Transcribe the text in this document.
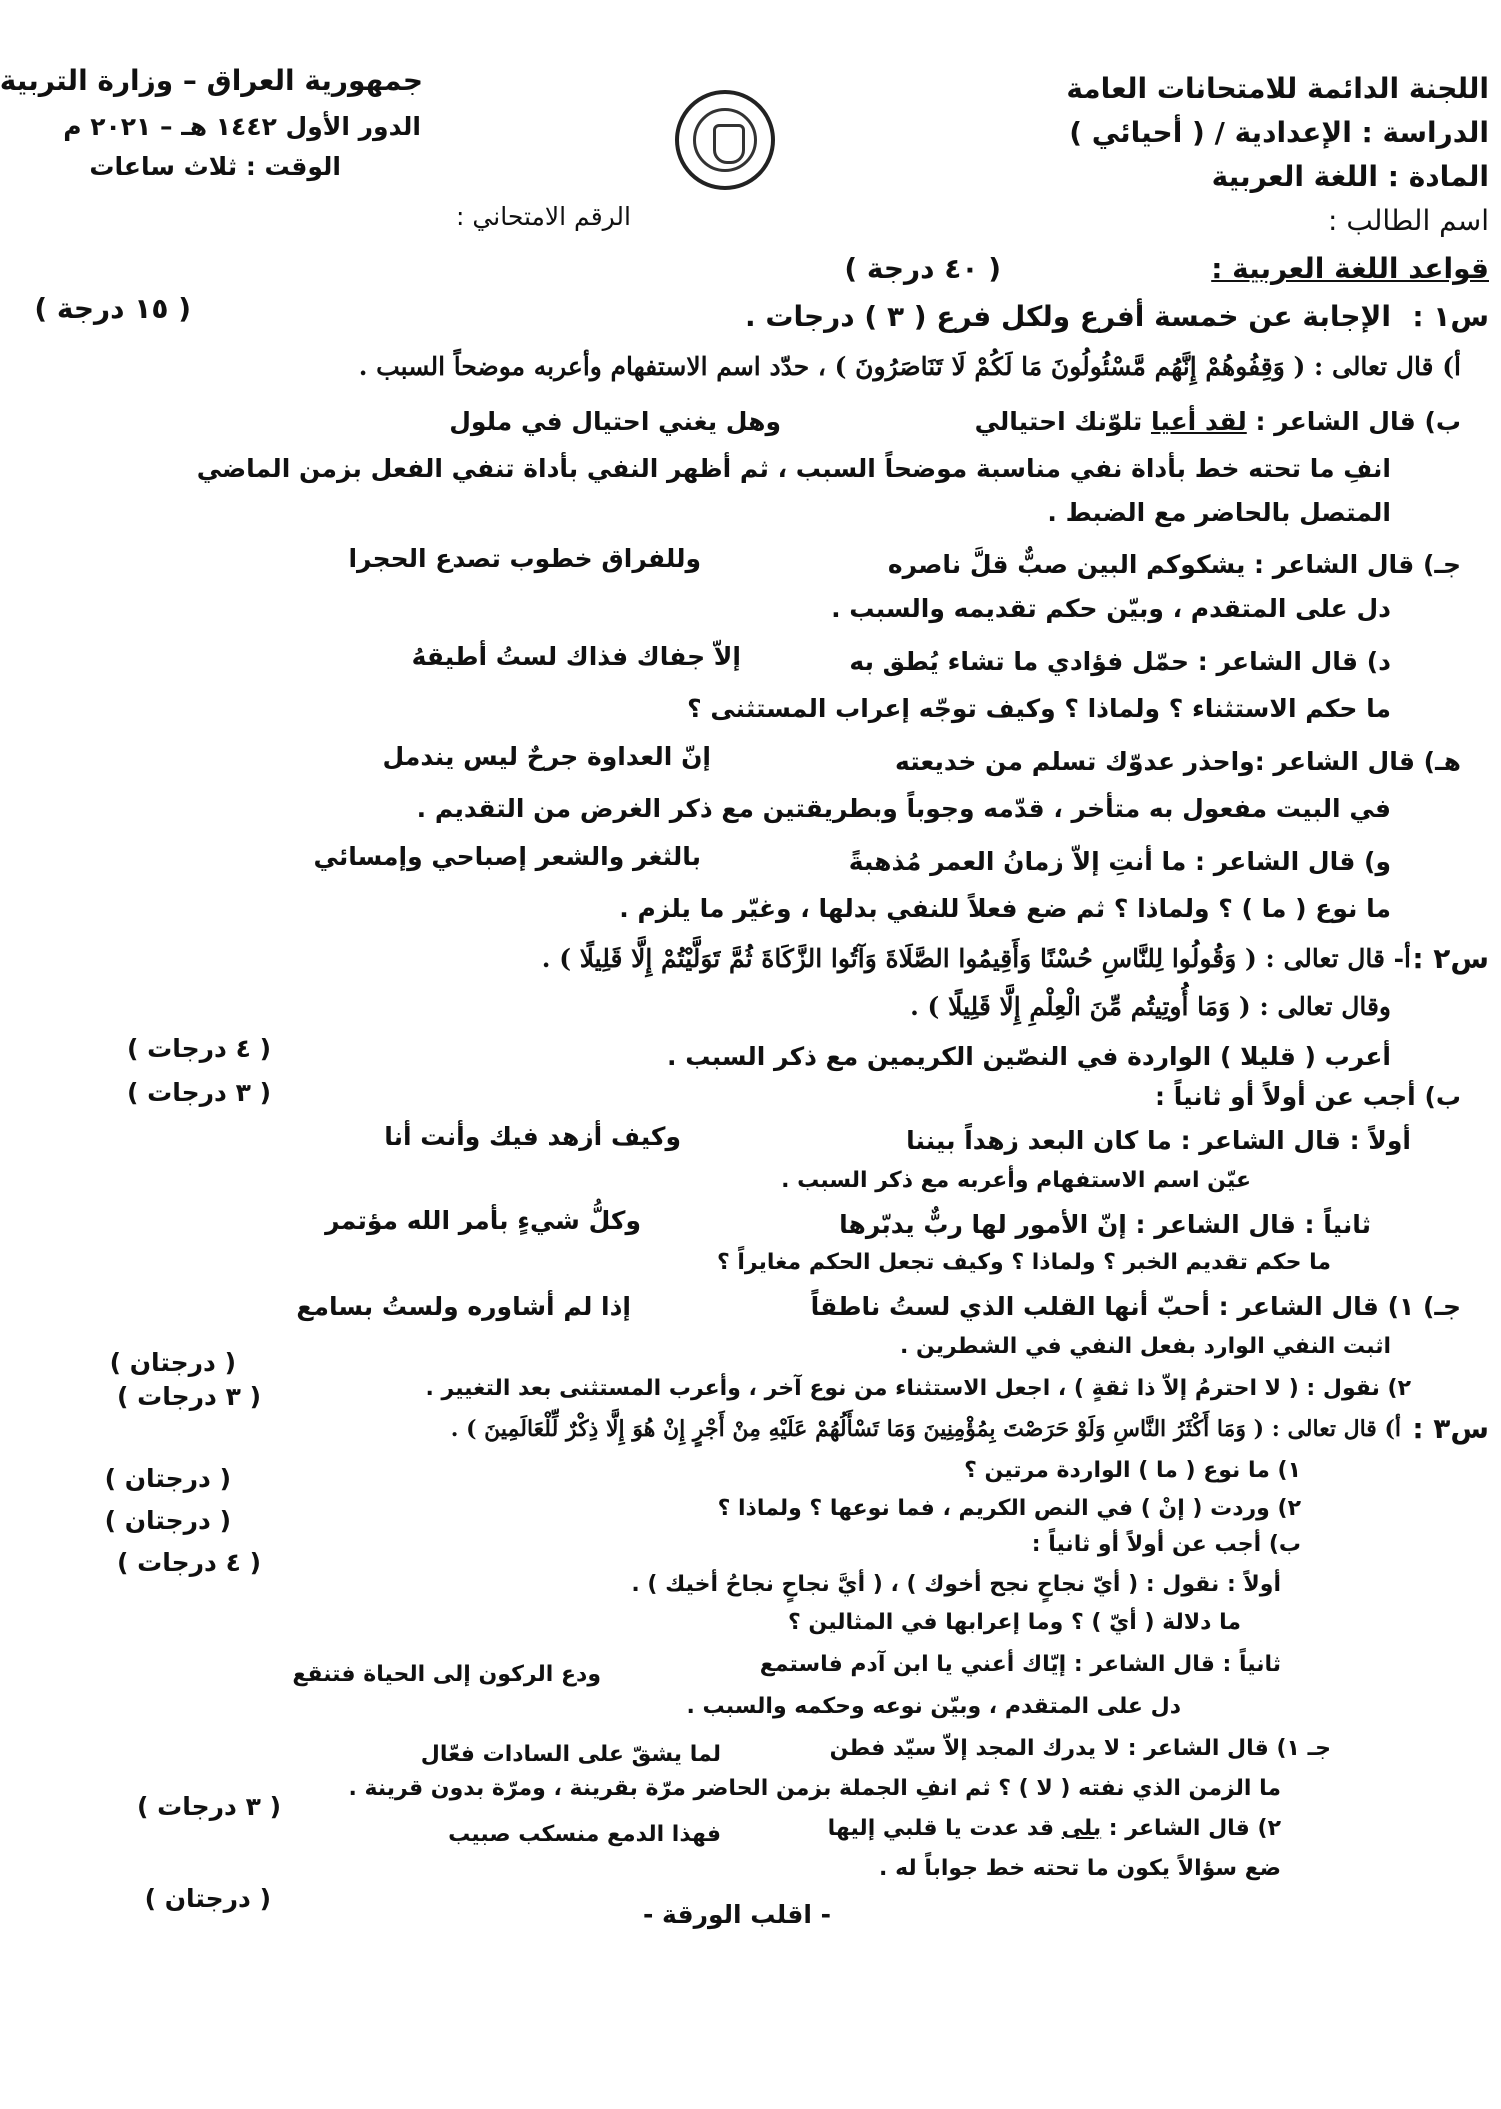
اللجنة الدائمة للامتحانات العامة
الدراسة : الإعدادية / ( أحيائي )
المادة : اللغة العربية
اسم الطالب :
جمهورية العراق – وزارة التربية
الدور الأول ١٤٤٢ هـ – ٢٠٢١ م
الوقت : ثلاث ساعات
الرقم الامتحاني :
قواعد اللغة العربية :
( ٤٠ درجة )
س١ :
الإجابة عن خمسة أفرع ولكل فرع ( ٣ ) درجات .
( ١٥ درجة )
أ) قال تعالى : ( وَقِفُوهُمْ إِنَّهُم مَّسْئُولُونَ مَا لَكُمْ لَا تَنَاصَرُونَ ) ، حدّد اسم الاستفهام وأعربه موضحاً السبب .
ب) قال الشاعر : لقد أعيا تلوّنك احتيالي
وهل يغني احتيال في ملول
انفِ ما تحته خط بأداة نفي مناسبة موضحاً السبب ، ثم أظهر النفي بأداة تنفي الفعل بزمن الماضي
المتصل بالحاضر مع الضبط .
جـ) قال الشاعر : يشكوكم البين صبٌّ قلَّ ناصره
وللفراق خطوب تصدع الحجرا
دل على المتقدم ، وبيّن حكم تقديمه والسبب .
د) قال الشاعر : حمّل فؤادي ما تشاء يُطق به
إلاّ جفاك فذاك لستُ أطيقهُ
ما حكم الاستثناء ؟ ولماذا ؟ وكيف توجّه إعراب المستثنى ؟
هـ) قال الشاعر :واحذر عدوّك تسلم من خديعته
إنّ العداوة جرحٌ ليس يندمل
في البيت مفعول به متأخر ، قدّمه وجوباً وبطريقتين مع ذكر الغرض من التقديم .
و) قال الشاعر : ما أنتِ إلاّ زمانُ العمر مُذهبةً
بالثغر والشعر إصباحي وإمسائي
ما نوع ( ما ) ؟ ولماذا ؟ ثم ضع فعلاً للنفي بدلها ، وغيّر ما يلزم .
س٢ :
أ- قال تعالى : ( وَقُولُوا لِلنَّاسِ حُسْنًا وَأَقِيمُوا الصَّلَاةَ وَآتُوا الزَّكَاةَ ثُمَّ تَوَلَّيْتُمْ إِلَّا قَلِيلًا ) .
وقال تعالى : ( وَمَا أُوتِيتُم مِّنَ الْعِلْمِ إِلَّا قَلِيلًا ) .
أعرب ( قليلا ) الواردة في النصّين الكريمين مع ذكر السبب .
( ٤ درجات )
ب) أجب عن أولاً أو ثانياً :
( ٣ درجات )
أولاً : قال الشاعر : ما كان البعد زهداً بيننا
وكيف أزهد فيك وأنت أنا
عيّن اسم الاستفهام وأعربه مع ذكر السبب .
ثانياً : قال الشاعر : إنّ الأمور لها ربٌّ يدبّرها
وكلُّ شيءٍ بأمر الله مؤتمر
ما حكم تقديم الخبر ؟ ولماذا ؟ وكيف تجعل الحكم مغايراً ؟
جـ) ١) قال الشاعر : أحبّ أنها القلب الذي لستُ ناطقاً
إذا لم أشاوره ولستُ بسامع
اثبت النفي الوارد بفعل النفي في الشطرين .
( درجتان )
٢) نقول : ( لا احترمُ إلاّ ذا ثقةٍ ) ، اجعل الاستثناء من نوع آخر ، وأعرب المستثنى بعد التغيير .
( ٣ درجات )
س٣ :
أ) قال تعالى : ( وَمَا أَكْثَرُ النَّاسِ وَلَوْ حَرَصْتَ بِمُؤْمِنِينَ وَمَا تَسْأَلُهُمْ عَلَيْهِ مِنْ أَجْرٍ إِنْ هُوَ إِلَّا ذِكْرٌ لِّلْعَالَمِينَ ) .
١) ما نوع ( ما ) الواردة مرتين ؟
( درجتان )
٢) وردت ( إنْ ) في النص الكريم ، فما نوعها ؟ ولماذا ؟
( درجتان )
ب) أجب عن أولاً أو ثانياً :
( ٤ درجات )
أولاً : نقول : ( أيّ نجاحٍ نجح أخوك ) ، ( أيَّ نجاحٍ نجاحُ أخيك ) .
ما دلالة ( أيّ ) ؟ وما إعرابها في المثالين ؟
ثانياً : قال الشاعر : إيّاك أعني يا ابن آدم فاستمع
ودع الركون إلى الحياة فتنقع
دل على المتقدم ، وبيّن نوعه وحكمه والسبب .
جـ ١) قال الشاعر : لا يدرك المجد إلاّ سيّد فطن
لما يشقّ على السادات فعّال
ما الزمن الذي نفته ( لا ) ؟ ثم انفِ الجملة بزمن الحاضر مرّة بقرينة ، ومرّة بدون قرينة .
( ٣ درجات )
٢) قال الشاعر : بلى قد عدت يا قلبي إليها
فهذا الدمع منسكب صبيب
ضع سؤالاً يكون ما تحته خط جواباً له .
( درجتان )
- اقلب الورقة -
